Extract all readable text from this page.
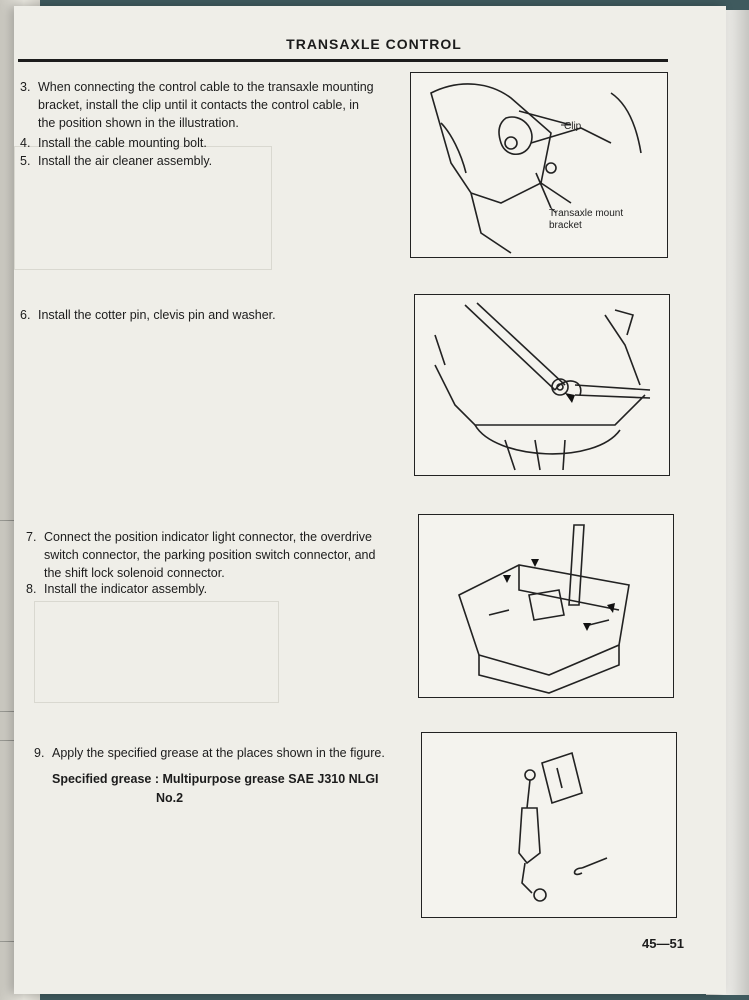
TRANSAXLE CONTROL
3. When connecting the control cable to the transaxle mounting
bracket, install the clip until it contacts the control cable, in
the position shown in the illustration.
4. Install the cable mounting bolt.
5. Install the air cleaner assembly.
Clip
Transaxle mount
bracket
6. Install the cotter pin, clevis pin and washer.
7. Connect the position indicator light connector, the overdrive
switch connector, the parking position switch connector, and
the shift lock solenoid connector.
8. Install the indicator assembly.
9. Apply the specified grease at the places shown in the figure.
Specified grease : Multipurpose grease SAE J310 NLGI
No.2
45—51
